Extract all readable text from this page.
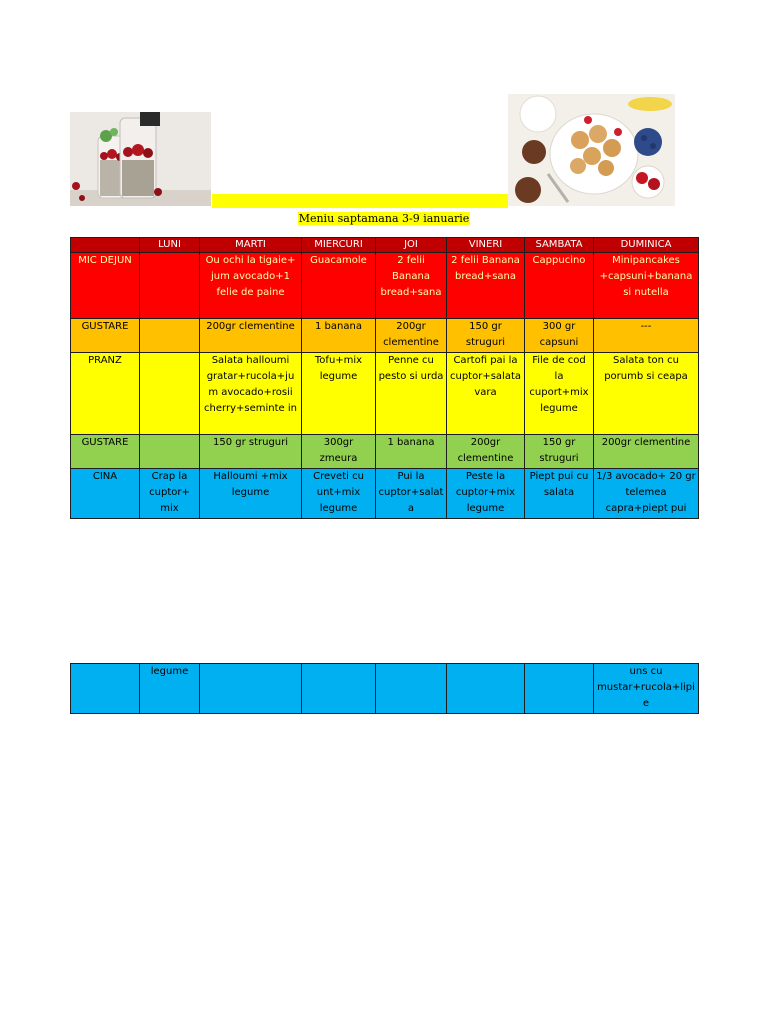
Meniu saptamana 3-9 ianuarie
	LUNI	MARTI	MIERCURI	JOI	VINERI	SAMBATA	DUMINICA
MIC DEJUN		Ou ochi la tigaie+ jum avocado+1 felie de paine	Guacamole	2 felii Banana bread+sana	2 felii Banana bread+sana	Cappucino	Minipancakes +capsuni+banana si nutella
GUSTARE		200gr clementine	1 banana	200gr clementine	150 gr struguri	300 gr capsuni	---
PRANZ		Salata halloumi gratar+rucola+jum avocado+rosii cherry+seminte in	Tofu+mix legume	Penne cu pesto si urda	Cartofi pai la cuptor+salata vara	File de cod la cuport+mix legume	Salata ton cu porumb si ceapa
GUSTARE		150 gr struguri	300gr zmeura	1 banana	200gr clementine	150 gr struguri	200gr clementine
CINA	Crap la cuptor+ mix	Halloumi +mix legume	Creveti cu unt+mix legume	Pui la cuptor+salata	Peste la cuptor+mix legume	Piept pui cu salata	1/3 avocado+ 20 gr telemea capra+piept pui
	legume						uns cu mustar+rucola+lipie
